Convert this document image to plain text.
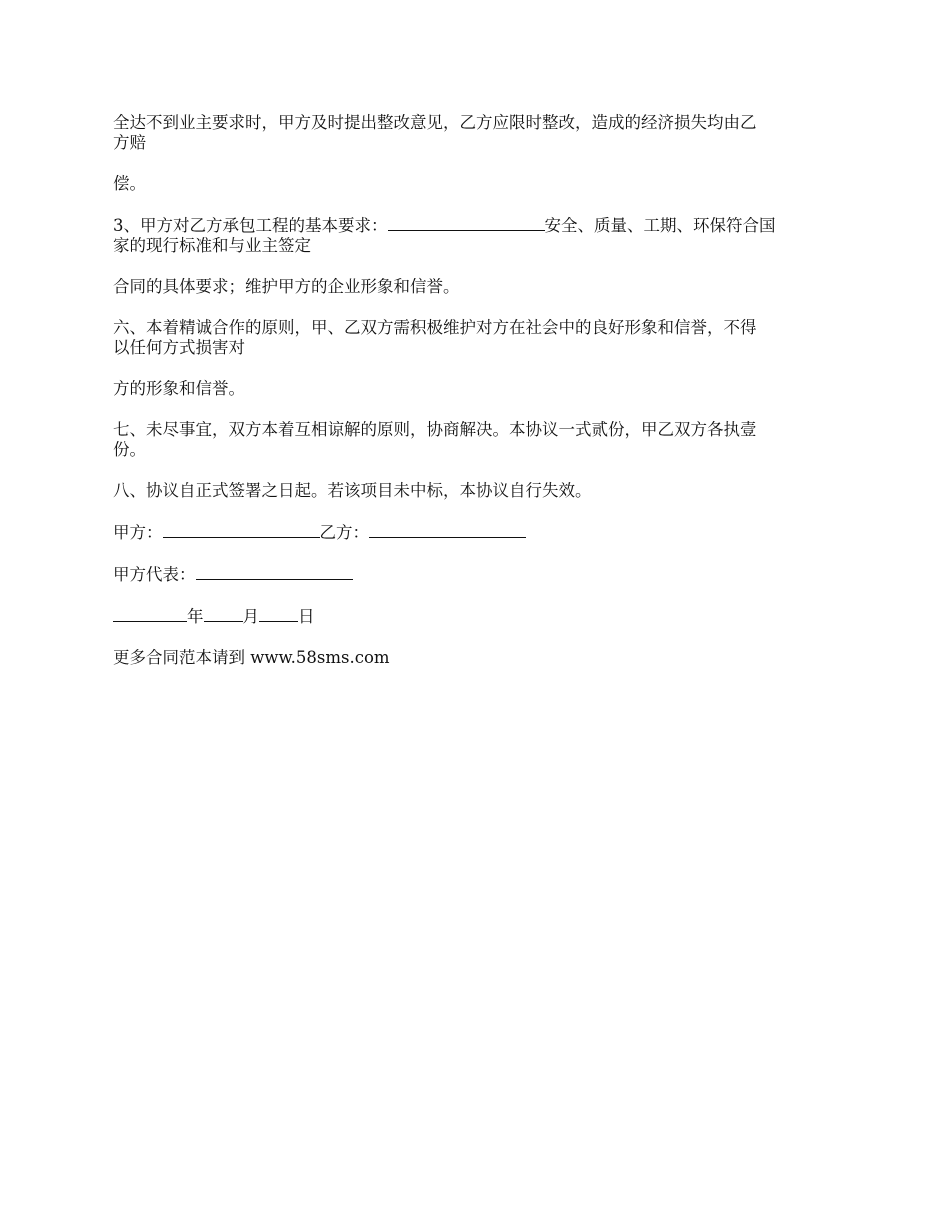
全达不到业主要求时，甲方及时提出整改意见，乙方应限时整改，造成的经济损失均由乙
方赔

偿。

3、甲方对乙方承包工程的基本要求：	安全、质量、工期、环保符合国
家的现行标准和与业主签定

合同的具体要求；维护甲方的企业形象和信誉。

六、本着精诚合作的原则，甲、乙双方需积极维护对方在社会中的良好形象和信誉，不得
以任何方式损害对

方的形象和信誉。

七、未尽事宜，双方本着互相谅解的原则，协商解决。本协议一式贰份，甲乙双方各执壹
份。

八、协议自正式签署之日起。若该项目未中标，本协议自行失效。

甲方：	乙方：

甲方代表：

年 月 日

更多合同范本请到 www.58sms.com
